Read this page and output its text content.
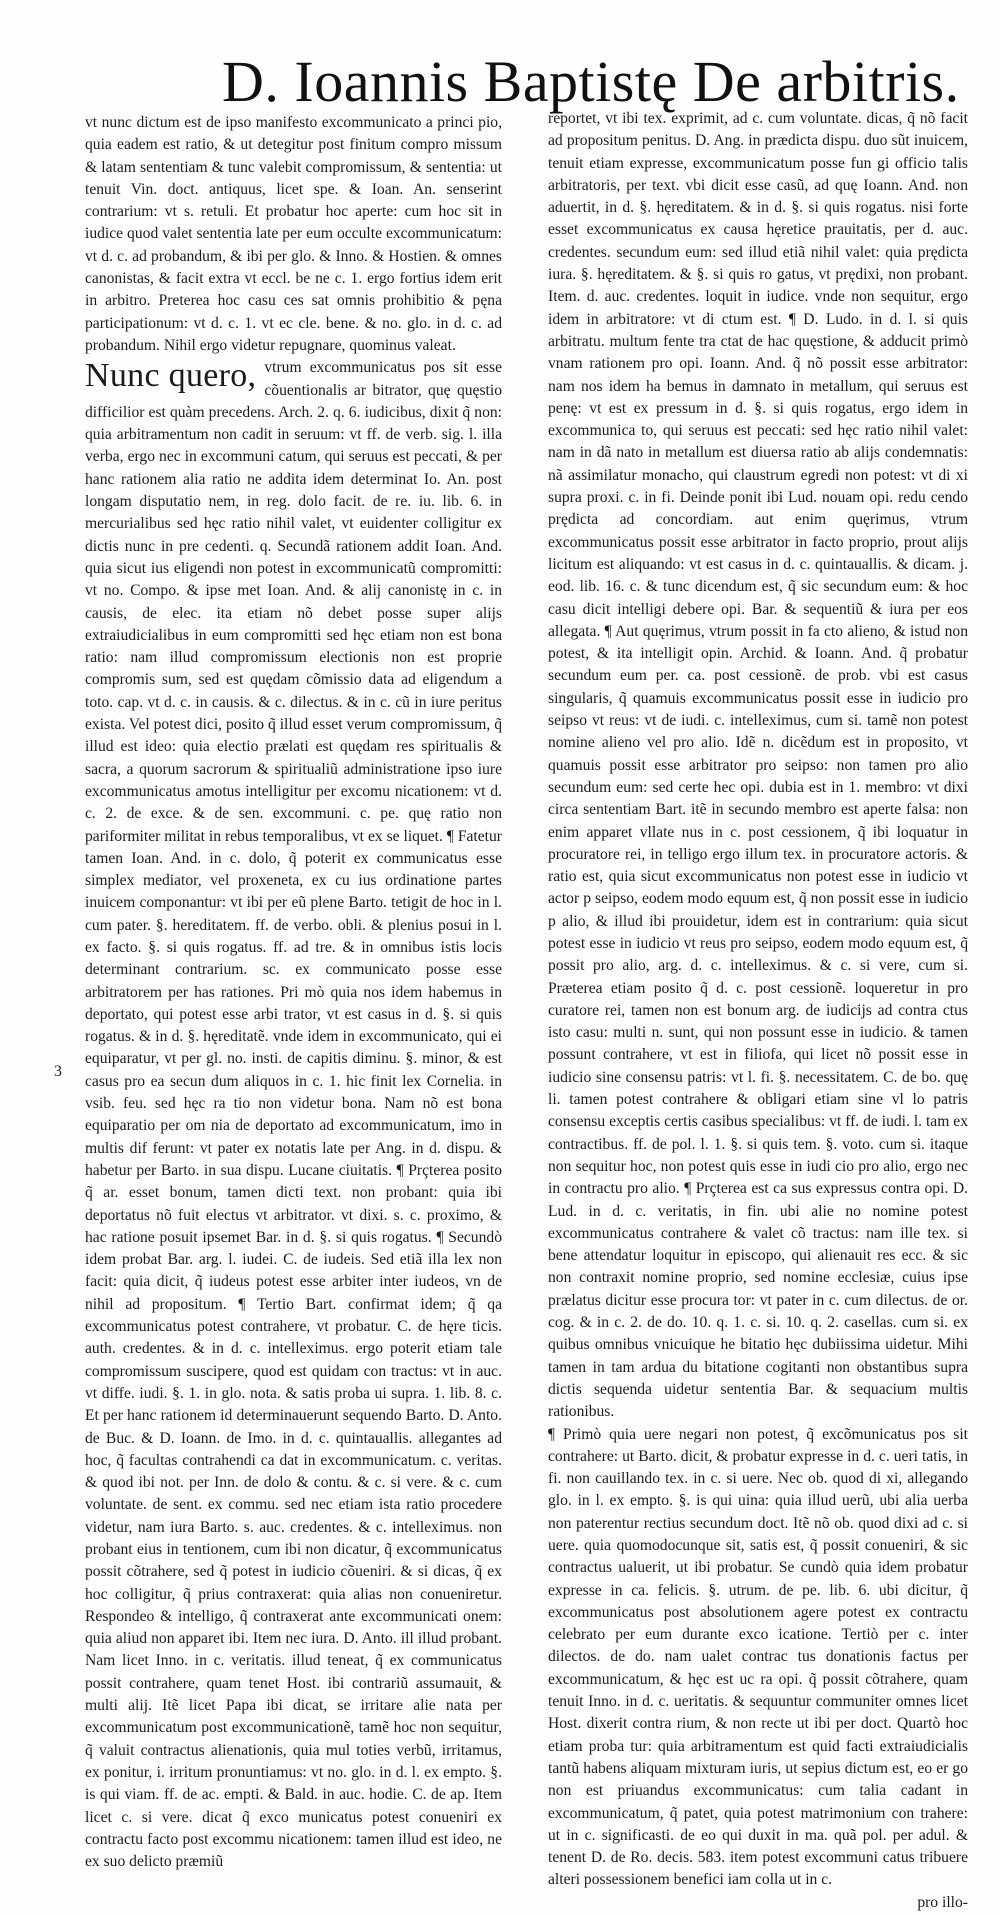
D. Ioannis Baptistę De arbitris.
3

vt nunc dictum est de ipso manifesto excommunicato a princi pio, quia eadem est ratio, & ut detegitur post finitum compro missum & latam sententiam & tunc valebit compromissum, & sententia: ut tenuit Vin. doct. antiquus, licet spe. & Ioan. An. senserint contrarium: vt s. retuli. Et probatur hoc aperte: cum hoc sit in iudice quod valet sententia late per eum occulte excommunicatum: vt d. c. ad probandum, & ibi per glo. & Inno. & Hostien. & omnes canonistas, & facit extra vt eccl. be ne c. 1. ergo fortius idem erit in arbitro. Preterea hoc casu ces sat omnis prohibitio & pęna participationum: vt d. c. 1. vt ec cle. bene. & no. glo. in d. c. ad probandum. Nihil ergo videtur repugnare, quominus valeat.

Nunc quero, vtrum excommunicatus pos sit esse cõuentionalis ar bitrator, quę quęstio difficilior est quàm precedens. Arch. 2. q. 6. iudicibus, dixit q̃ non: quia arbitramentum non cadit in seruum: vt ff. de verb. sig. l. illa verba, ergo nec in excommuni catum, qui seruus est peccati, & per hanc rationem alia ratio ne addita idem determinat Io. An. post longam disputatio nem, in reg. dolo facit. de re. iu. lib. 6. in mercurialibus sed hęc ratio nihil valet, vt euidenter colligitur ex dictis nunc in pre cedenti. q. Secundã rationem addit Ioan. And. quia sicut ius eligendi non potest in excommunicatũ compromitti: vt no. Compo. & ipse met Ioan. And. & alij canonistę in c. in causis, de elec. ita etiam nõ debet posse super alijs extraiudicialibus in eum compromitti sed hęc etiam non est bona ratio: nam illud compromissum electionis non est proprie compromis sum, sed est quędam cõmissio data ad eligendum a toto. cap. vt d. c. in causis. & c. dilectus. & in c. cũ in iure peritus exista. Vel potest dici, posito q̃ illud esset verum compromissum, q̃ illud est ideo: quia electio prælati est quędam res spiritualis & sacra, a quorum sacrorum & spiritualiũ administratione ipso iure excommunicatus amotus intelligitur per excomu nicationem: vt d. c. 2. de exce. & de sen. excommuni. c. pe. quę ratio non pariformiter militat in rebus temporalibus, vt ex se liquet. ¶ Fatetur tamen Ioan. And. in c. dolo, q̃ poterit ex communicatus esse simplex mediator, vel proxeneta, ex cu ius ordinatione partes inuicem componantur: vt ibi per eũ plene Barto. tetigit de hoc in l. cum pater. §. hereditatem. ff. de verbo. obli. & plenius posui in l. ex facto. §. si quis rogatus. ff. ad tre. & in omnibus istis locis determinant contrarium. sc. ex communicato posse esse arbitratorem per has rationes. Pri mò quia nos idem habemus in deportato, qui potest esse arbi trator, vt est casus in d. §. si quis rogatus. & in d. §. hęreditatẽ. vnde idem in excommunicato, qui ei equiparatur, vt per gl. no. insti. de capitis diminu. §. minor, & est casus pro ea secun dum aliquos in c. 1. hic finit lex Cornelia. in vsib. feu. sed hęc ra tio non videtur bona. Nam nõ est bona equiparatio per om nia de deportato ad excommunicatum, imo in multis dif ferunt: vt pater ex notatis late per Ang. in d. dispu. & habetur per Barto. in sua dispu. Lucane ciuitatis. ¶ Prçterea posito q̃ ar. esset bonum, tamen dicti text. non probant: quia ibi deportatus nõ fuit electus vt arbitrator. vt dixi. s. c. proximo, & hac ratione posuit ipsemet Bar. in d. §. si quis rogatus. ¶ Secundò idem probat Bar. arg. l. iudei. C. de iudeis. Sed etiã illa lex non facit: quia dicit, q̃ iudeus potest esse arbiter inter iudeos, vn de nihil ad propositum. ¶ Tertio Bart. confirmat idem; q̃ qa excommunicatus potest contrahere, vt probatur. C. de hęre ticis. auth. credentes. & in d. c. intelleximus. ergo poterit etiam tale compromissum suscipere, quod est quidam con tractus: vt in auc. vt diffe. iudi. §. 1. in glo. nota. & satis proba ui supra. 1. lib. 8. c. Et per hanc rationem id determinauerunt sequendo Barto. D. Anto. de Buc. & D. Ioann. de Imo. in d. c. quintauallis. allegantes ad hoc, q̃ facultas contrahendi ca dat in excommunicatum. c. veritas. & quod ibi not. per Inn. de dolo & contu. & c. si vere. & c. cum voluntate. de sent. ex commu. sed nec etiam ista ratio procedere videtur, nam iura Barto. s. auc. credentes. & c. intelleximus. non probant eius in tentionem, cum ibi non dicatur, q̃ excommunicatus possit cõtrahere, sed q̃ potest in iudicio cõueniri. & si dicas, q̃ ex hoc colligitur, q̃ prius contraxerat: quia alias non conueniretur. Respondeo & intelligo, q̃ contraxerat ante excommunicati onem: quia aliud non apparet ibi. Item nec iura. D. Anto. ill illud probant. Nam licet Inno. in c. veritatis. illud teneat, q̃ ex communicatus possit contrahere, quam tenet Host. ibi contrariũ assumauit, & multi alij. Itẽ licet Papa ibi dicat, se irritare alie nata per excommunicatum post excommunicationẽ, tamẽ hoc non sequitur, q̃ valuit contractus alienationis, quia mul toties verbũ, irritamus, ex ponitur, i. irritum pronuntiamus: vt no. glo. in d. l. ex empto. §. is qui viam. ff. de ac. empti. & Bald. in auc. hodie. C. de ap. Item licet c. si vere. dicat q̃ exco municatus potest conueniri ex contractu facto post excommu nicationem: tamen illud est ideo, ne ex suo delicto præmiũ

reportet, vt ibi tex. exprimit, ad c. cum voluntate. dicas, q̃ nõ facit ad propositum penitus. D. Ang. in prædicta dispu. duo sũt inuicem, tenuit etiam expresse, excommunicatum posse fun gi officio talis arbitratoris, per text. vbi dicit esse casũ, ad quę Ioann. And. non aduertit, in d. §. hęreditatem. & in d. §. si quis rogatus. nisi forte esset excommunicatus ex causa hęretice prauitatis, per d. auc. credentes. secundum eum: sed illud etiã nihil valet: quia prędicta iura. §. hęreditatem. & §. si quis ro gatus, vt prędixi, non probant. Item. d. auc. credentes. loquit in iudice. vnde non sequitur, ergo idem in arbitratore: vt di ctum est. ¶ D. Ludo. in d. l. si quis arbitratu. multum fente tra ctat de hac quęstione, & adducit primò vnam rationem pro opi. Ioann. And. q̃ nõ possit esse arbitrator: nam nos idem ha bemus in damnato in metallum, qui seruus est penę: vt est ex pressum in d. §. si quis rogatus, ergo idem in excommunica to, qui seruus est peccati: sed hęc ratio nihil valet: nam in dã nato in metallum est diuersa ratio ab alijs condemnatis: nã assimilatur monacho, qui claustrum egredi non potest: vt di xi supra proxi. c. in fi. Deinde ponit ibi Lud. nouam opi. redu cendo prędicta ad concordiam. aut enim quęrimus, vtrum excommunicatus possit esse arbitrator in facto proprio, prout alijs licitum est aliquando: vt est casus in d. c. quintauallis. & dicam. j. eod. lib. 16. c. & tunc dicendum est, q̃ sic secundum eum: & hoc casu dicit intelligi debere opi. Bar. & sequentiũ & iura per eos allegata. ¶ Aut quęrimus, vtrum possit in fa cto alieno, & istud non potest, & ita intelligit opin. Archid. & Ioann. And. q̃ probatur secundum eum per. ca. post cessionẽ. de prob. vbi est casus singularis, q̃ quamuis excommunicatus possit esse in iudicio pro seipso vt reus: vt de iudi. c. intelleximus, cum si. tamẽ non potest nomine alieno vel pro alio. Idẽ n. dicẽdum est in proposito, vt quamuis possit esse arbitrator pro seipso: non tamen pro alio secundum eum: sed certe hec opi. dubia est in 1. membro: vt dixi circa sententiam Bart. itẽ in secundo membro est aperte falsa: non enim apparet vllate nus in c. post cessionem, q̃ ibi loquatur in procuratore rei, in telligo ergo illum tex. in procuratore actoris. & ratio est, quia sicut excommunicatus non potest esse in iudicio vt actor p seipso, eodem modo equum est, q̃ non possit esse in iudicio p alio, & illud ibi prouidetur, idem est in contrarium: quia sicut potest esse in iudicio vt reus pro seipso, eodem modo equum est, q̃ possit pro alio, arg. d. c. intelleximus. & c. si vere, cum si. Præterea etiam posito q̃ d. c. post cessionẽ. loqueretur in pro curatore rei, tamen non est bonum arg. de iudicijs ad contra ctus isto casu: multi n. sunt, qui non possunt esse in iudicio. & tamen possunt contrahere, vt est in filiofa, qui licet nõ possit esse in iudicio sine consensu patris: vt l. fi. §. necessitatem. C. de bo. quę li. tamen potest contrahere & obligari etiam sine vl lo patris consensu exceptis certis casibus specialibus: vt ff. de iudi. l. tam ex contractibus. ff. de pol. l. 1. §. si quis tem. §. voto. cum si. itaque non sequitur hoc, non potest quis esse in iudi cio pro alio, ergo nec in contractu pro alio. ¶ Prçterea est ca sus expressus contra opi. D. Lud. in d. c. veritatis, in fin. ubi alie no nomine potest excommunicatus contrahere & valet cõ tractus: nam ille tex. si bene attendatur loquitur in episcopo, qui alienauit res ecc. & sic non contraxit nomine proprio, sed nomine ecclesiæ, cuius ipse prælatus dicitur esse procura tor: vt pater in c. cum dilectus. de or. cog. & in c. 2. de do. 10. q. 1. c. si. 10. q. 2. casellas. cum si. ex quibus omnibus vnicuique he bitatio hęc dubiissima uidetur. Mihi tamen in tam ardua du bitatione cogitanti non obstantibus supra dictis sequenda uidetur sententia Bar. & sequacium multis rationibus.

¶ Primò quia uere negari non potest, q̃ excõmunicatus pos sit contrahere: ut Barto. dicit, & probatur expresse in d. c. ueri tatis, in fi. non cauillando tex. in c. si uere. Nec ob. quod di xi, allegando glo. in l. ex empto. §. is qui uina: quia illud uerũ, ubi alia uerba non paterentur rectius secundum doct. Itẽ nõ ob. quod dixi ad c. si uere. quia quomodocunque sit, satis est, q̃ possit conueniri, & sic contractus ualuerit, ut ibi probatur. Se cundò quia idem probatur expresse in ca. felicis. §. utrum. de pe. lib. 6. ubi dicitur, q̃ excommunicatus post absolutionem agere potest ex contractu celebrato per eum durante exco icatione. Tertiò per c. inter dilectos. de do. nam ualet contrac tus donationis factus per excommunicatum, & hęc est uc ra opi. q̃ possit cõtrahere, quam tenuit Inno. in d. c. ueritatis. & sequuntur communiter omnes licet Host. dixerit contra rium, & non recte ut ibi per doct. Quartò hoc etiam proba tur: quia arbitramentum est quid facti extraiudicialis tantũ habens aliquam mixturam iuris, ut sepius dictum est, eo er go non est priuandus excommunicatus: cum talia cadant in excommunicatum, q̃ patet, quia potest matrimonium con trahere: ut in c. significasti. de eo qui duxit in ma. quã pol. per adul. & tenent D. de Ro. decis. 583. item potest excommuni catus tribuere alteri possessionem benefici iam colla ut in c.

pro illo-
